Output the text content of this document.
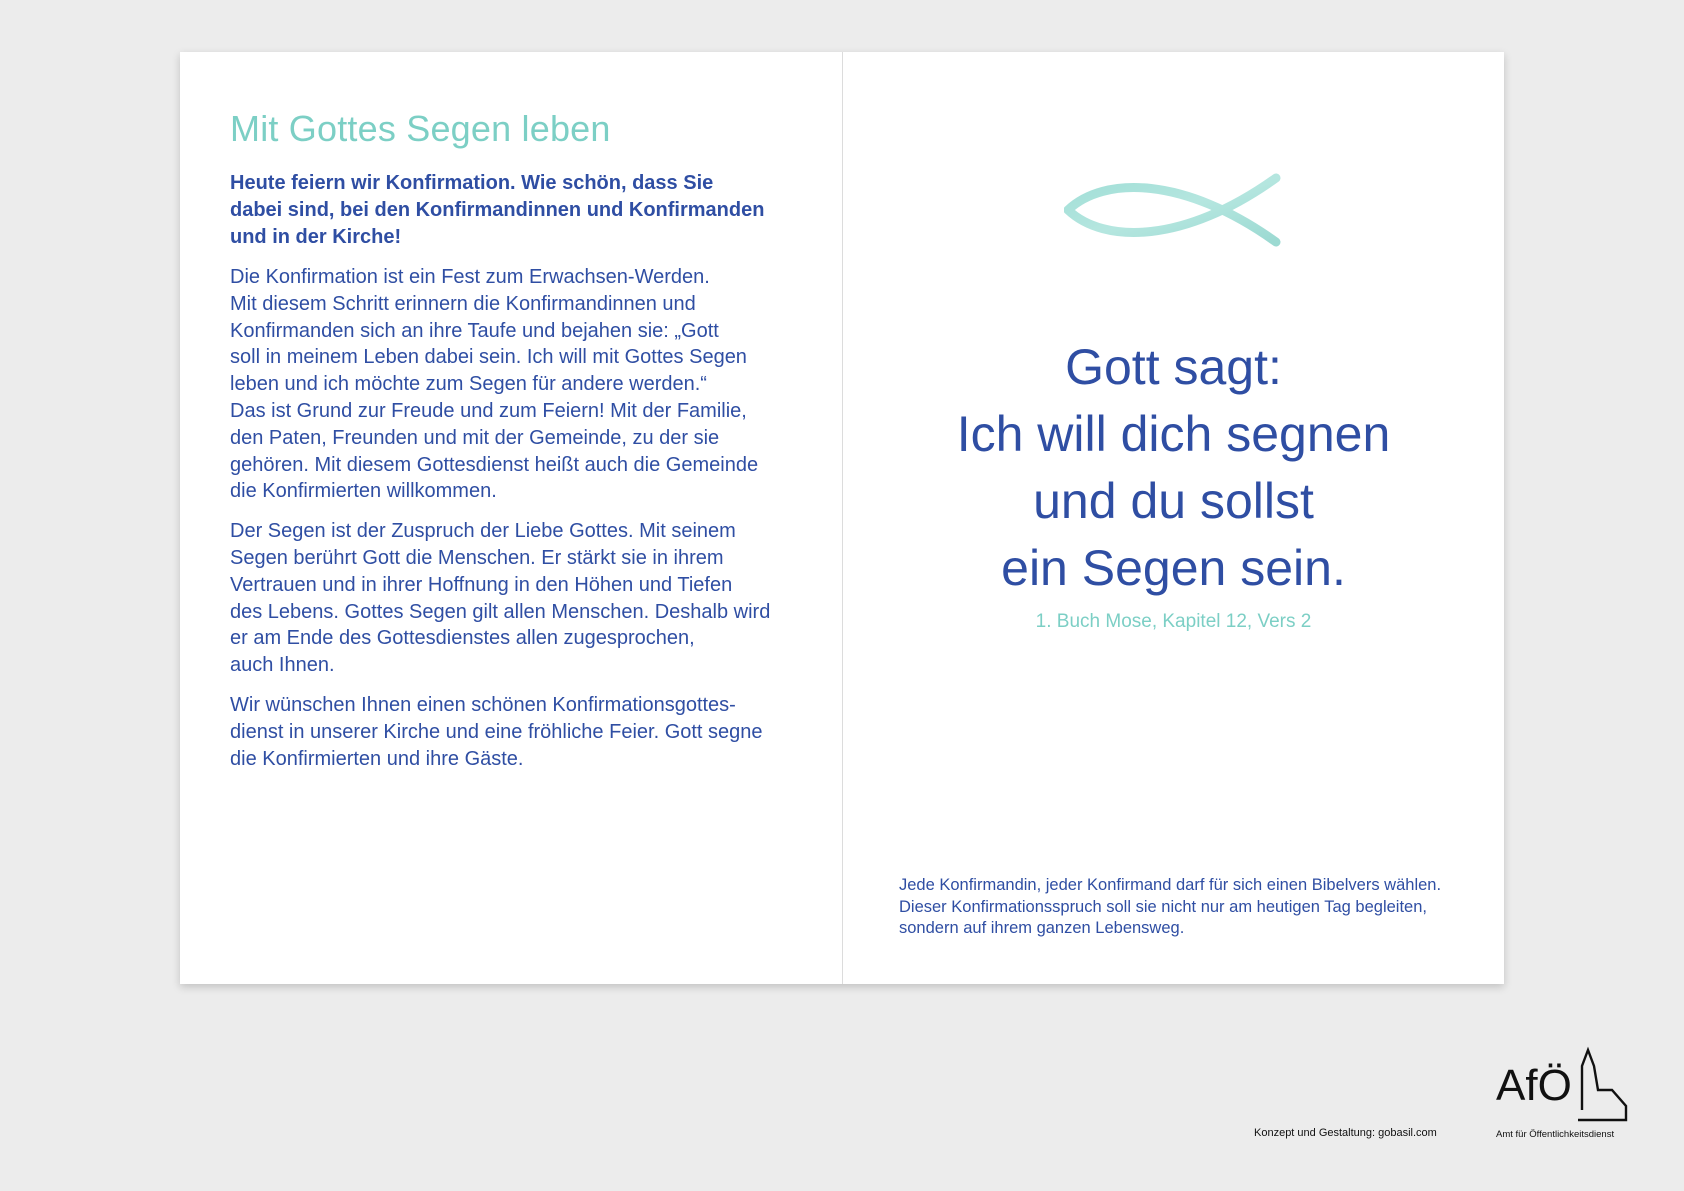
Mit Gottes Segen leben

Heute feiern wir Konfirmation. Wie schön, dass Sie
dabei sind, bei den Konfirmandinnen und Konfirmanden
und in der Kirche!

Die Konfirmation ist ein Fest zum Erwachsen-Werden.
Mit diesem Schritt erinnern die Konfirmandinnen und
Konfirmanden sich an ihre Taufe und bejahen sie: „Gott
soll in meinem Leben dabei sein. Ich will mit Gottes Segen
leben und ich möchte zum Segen für andere werden.“
Das ist Grund zur Freude und zum Feiern! Mit der Familie,
den Paten, Freunden und mit der Gemeinde, zu der sie
gehören. Mit diesem Gottesdienst heißt auch die Gemeinde
die Konfirmierten willkommen.

Der Segen ist der Zuspruch der Liebe Gottes. Mit seinem
Segen berührt Gott die Menschen. Er stärkt sie in ihrem
Vertrauen und in ihrer Hoffnung in den Höhen und Tiefen
des Lebens. Gottes Segen gilt allen Menschen. Deshalb wird
er am Ende des Gottesdienstes allen zugesprochen,
auch Ihnen.

Wir wünschen Ihnen einen schönen Konfirmationsgottes-
dienst in unserer Kirche und eine fröhliche Feier. Gott segne
die Konfirmierten und ihre Gäste.

Gott sagt:
Ich will dich segnen
und du sollst
ein Segen sein.
1. Buch Mose, Kapitel 12, Vers 2
Jede Konfirmandin, jeder Konfirmand darf für sich einen Bibelvers wählen.
Dieser Konfirmationsspruch soll sie nicht nur am heutigen Tag begleiten,
sondern auf ihrem ganzen Lebensweg.
Konzept und Gestaltung: gobasil.com
AfÖ
Amt für Öffentlichkeitsdienst
